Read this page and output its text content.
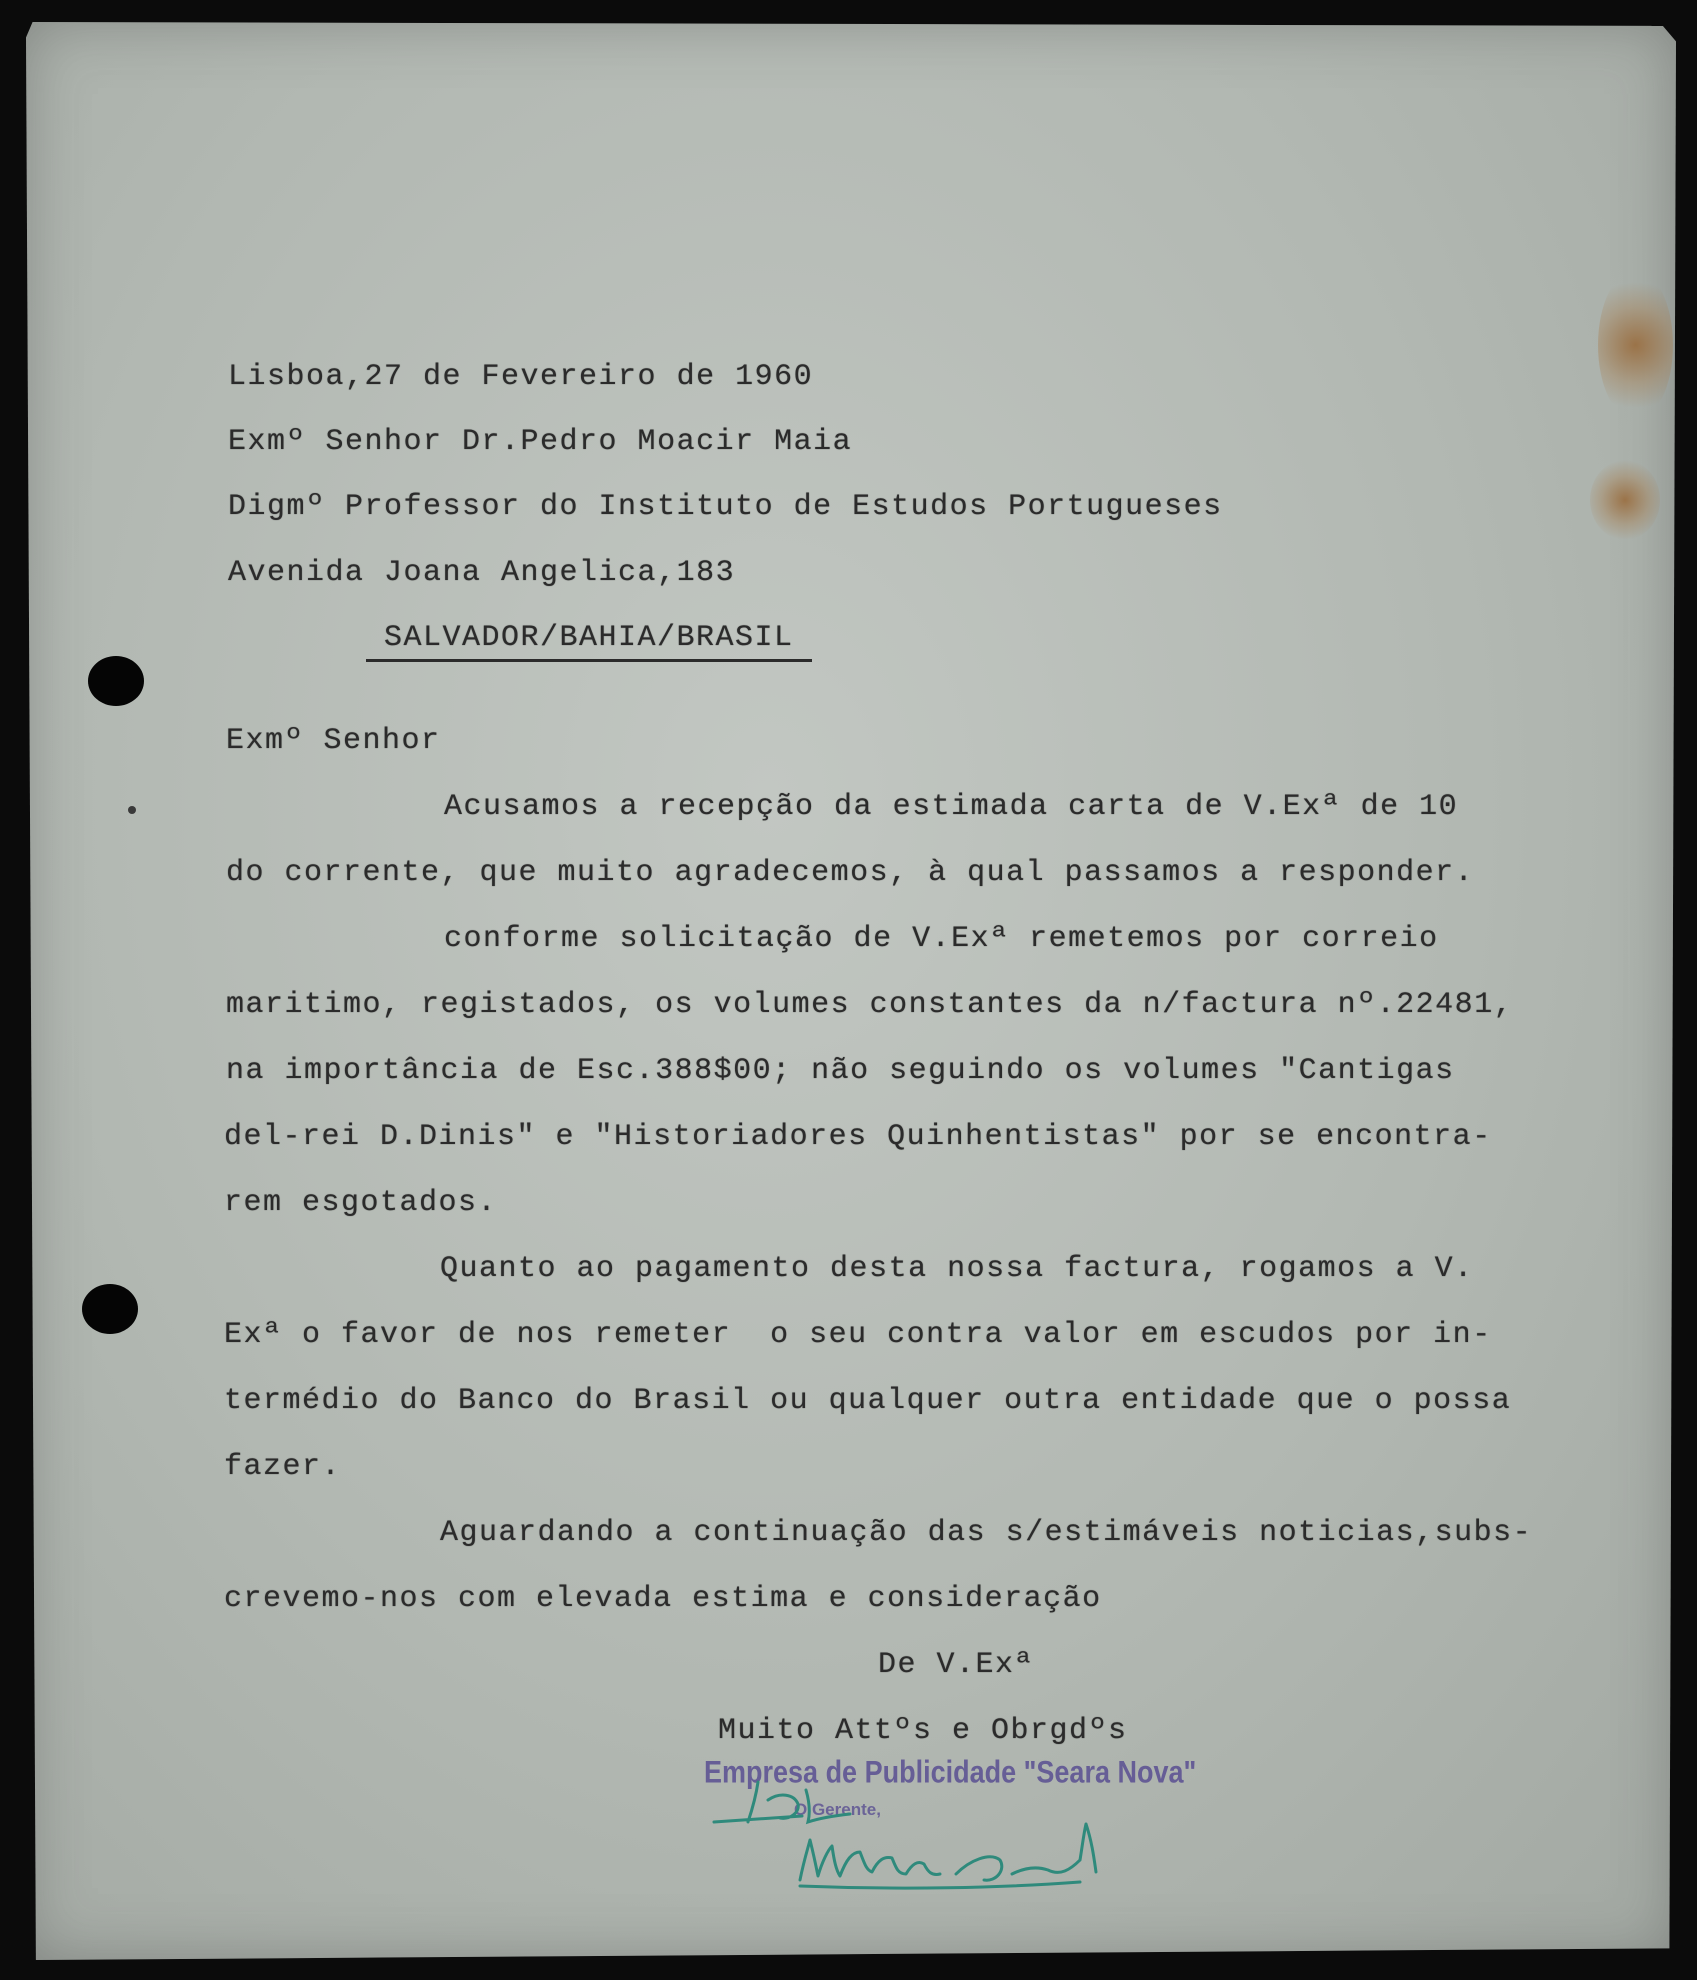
Lisboa,27 de Fevereiro de 1960

Exmº Senhor Dr.Pedro Moacir Maia

Digmº Professor do Instituto de Estudos Portugueses

Avenida Joana Angelica,183

SALVADOR/BAHIA/BRASIL

Exmº Senhor

Acusamos a recepção da estimada carta de V.Exª de 10

do corrente, que muito agradecemos, à qual passamos a responder.

conforme solicitação de V.Exª remetemos por correio

maritimo, registados, os volumes constantes da n/factura nº.22481,

na importância de Esc.388$00; não seguindo os volumes "Cantigas

del-rei D.Dinis" e "Historiadores Quinhentistas" por se encontra-

rem esgotados.

Quanto ao pagamento desta nossa factura, rogamos a V.

Exª o favor de nos remeter  o seu contra valor em escudos por in-

termédio do Banco do Brasil ou qualquer outra entidade que o possa

fazer.

Aguardando a continuação das s/estimáveis noticias,subs-

crevemo-nos com elevada estima e consideração

De V.Exª

Muito Attºs e Obrgdºs

Empresa de Publicidade "Seara Nova"

O Gerente,
